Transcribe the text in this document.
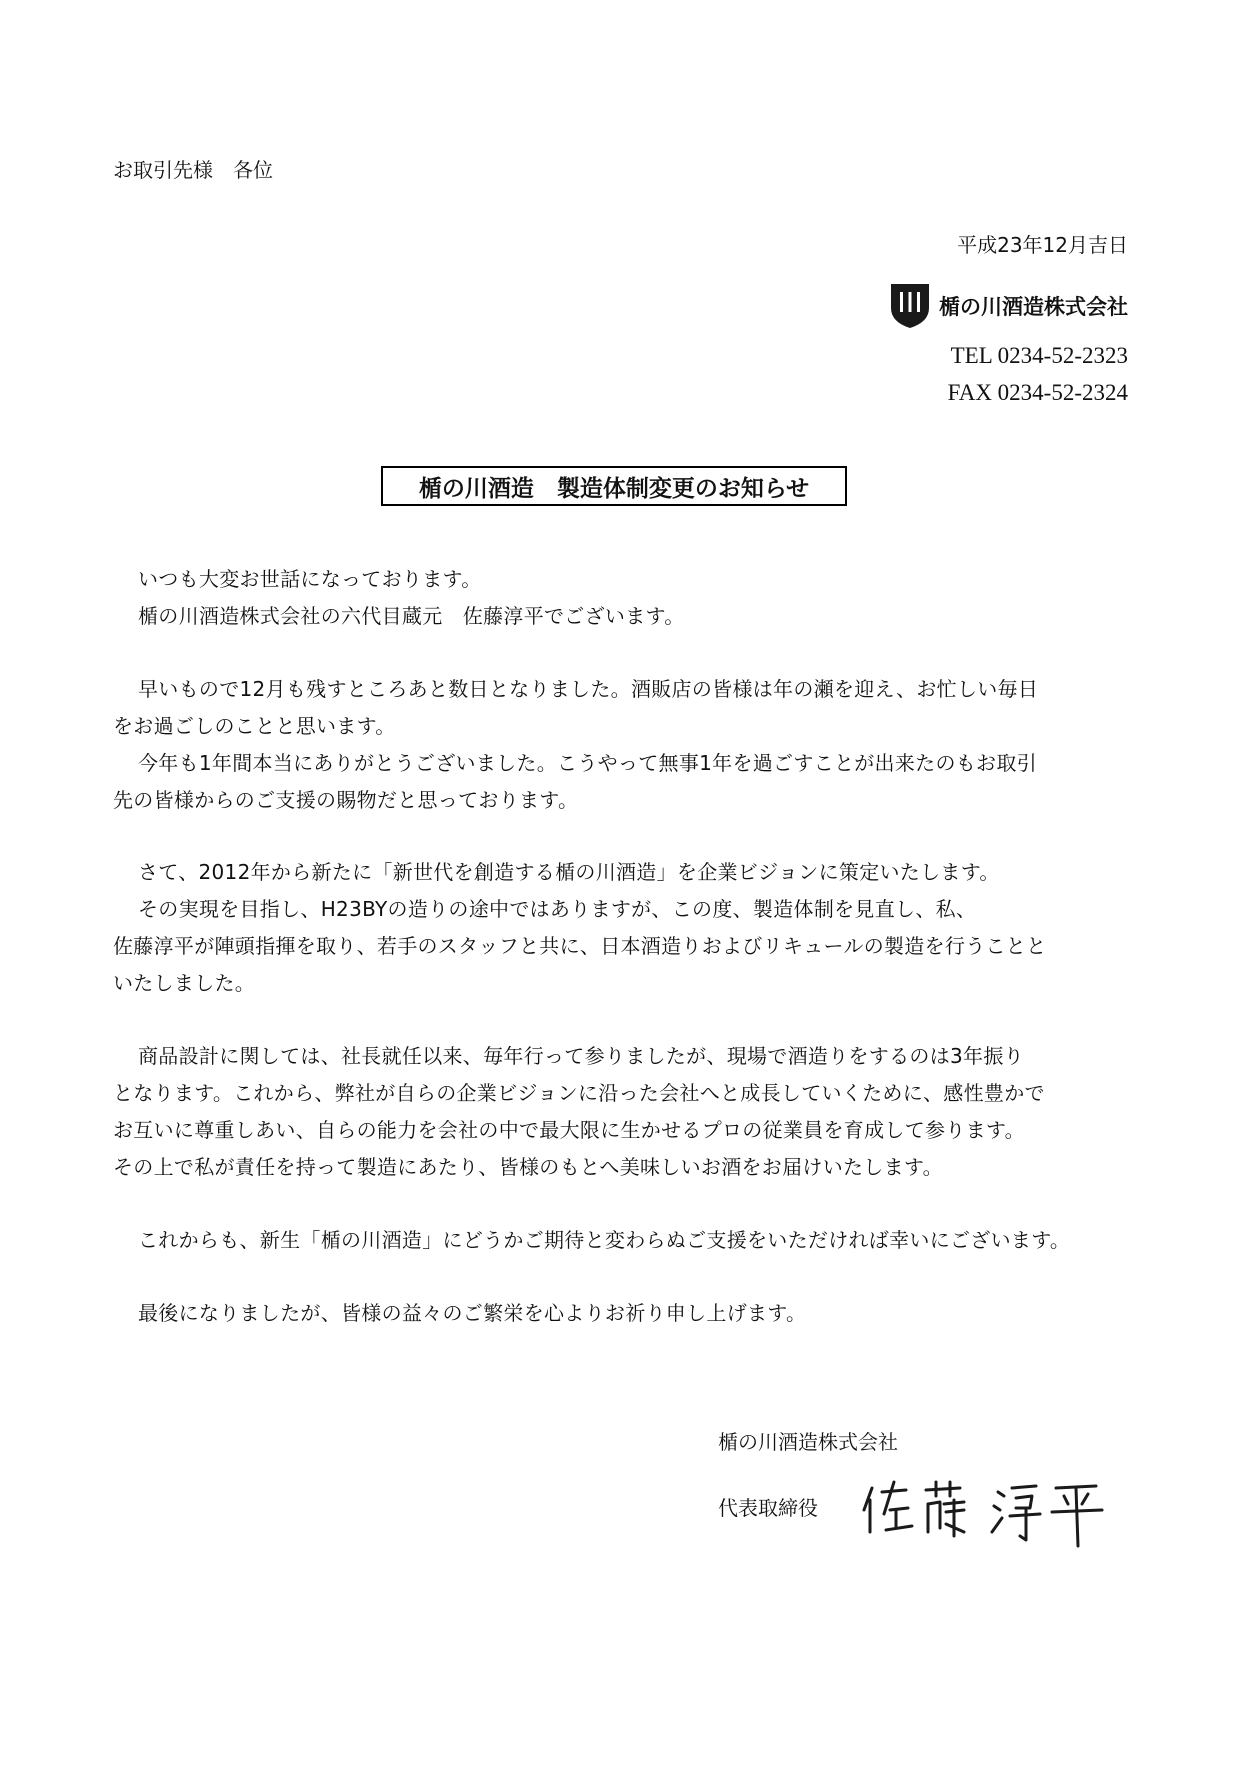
お取引先様　各位
平成23年12月吉日
楯の川酒造株式会社
TEL 0234-52-2323
FAX 0234-52-2324
楯の川酒造　製造体制変更のお知らせ
いつも大変お世話になっております。
楯の川酒造株式会社の六代目蔵元　佐藤淳平でございます。
早いもので12月も残すところあと数日となりました。酒販店の皆様は年の瀬を迎え、お忙しい毎日
をお過ごしのことと思います。
今年も1年間本当にありがとうございました。こうやって無事1年を過ごすことが出来たのもお取引
先の皆様からのご支援の賜物だと思っております。
さて、2012年から新たに「新世代を創造する楯の川酒造」を企業ビジョンに策定いたします。
その実現を目指し、H23BYの造りの途中ではありますが、この度、製造体制を見直し、私、
佐藤淳平が陣頭指揮を取り、若手のスタッフと共に、日本酒造りおよびリキュールの製造を行うことと
いたしました。
商品設計に関しては、社長就任以来、毎年行って参りましたが、現場で酒造りをするのは3年振り
となります。これから、弊社が自らの企業ビジョンに沿った会社へと成長していくために、感性豊かで
お互いに尊重しあい、自らの能力を会社の中で最大限に生かせるプロの従業員を育成して参ります。
その上で私が責任を持って製造にあたり、皆様のもとへ美味しいお酒をお届けいたします。
これからも、新生「楯の川酒造」にどうかご期待と変わらぬご支援をいただければ幸いにございます。
最後になりましたが、皆様の益々のご繁栄を心よりお祈り申し上げます。
楯の川酒造株式会社
代表取締役
